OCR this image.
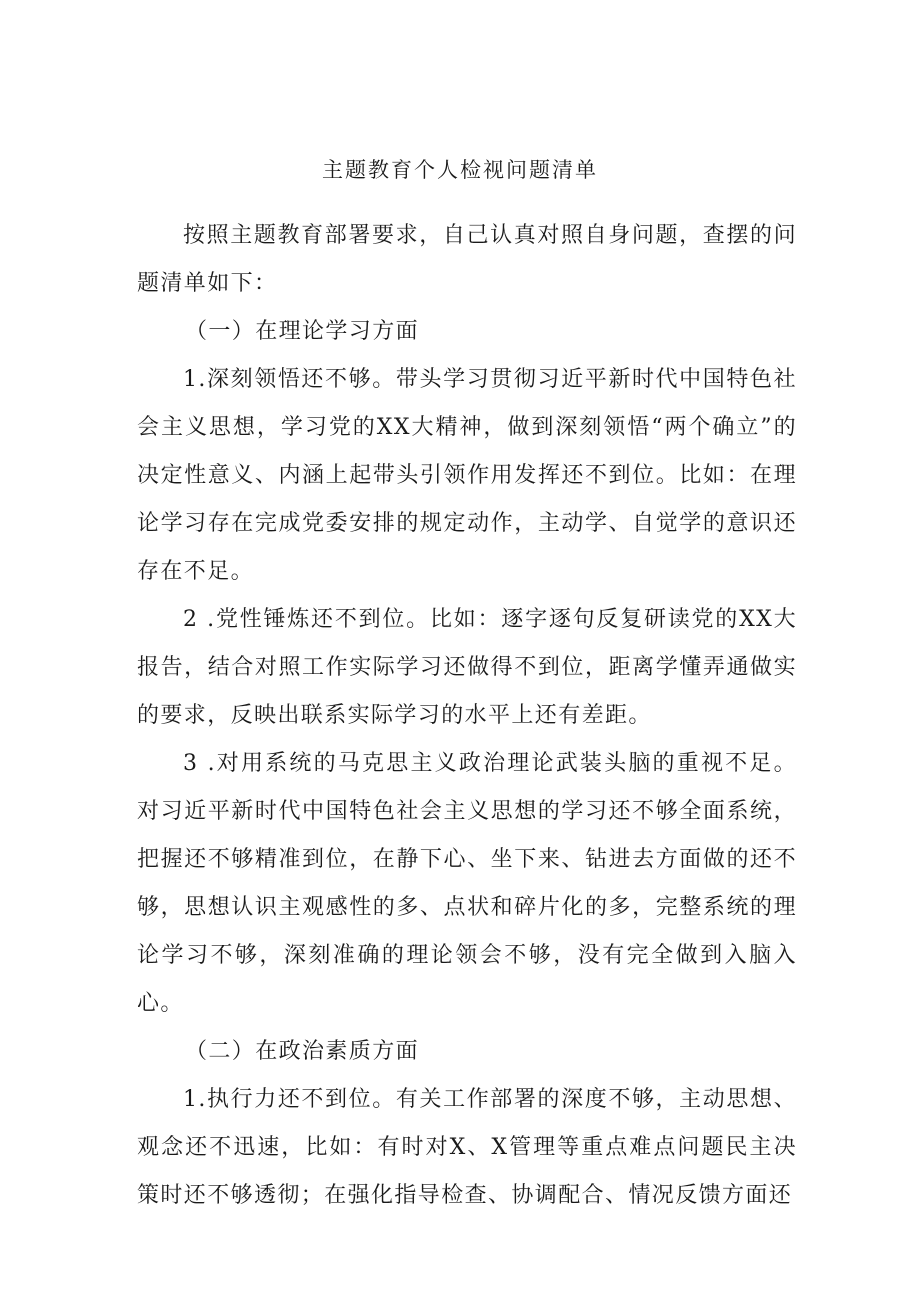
主题教育个人检视问题清单

按照主题教育部署要求，自己认真对照自身问题，查摆的问题清单如下：

（一）在理论学习方面

1.深刻领悟还不够。带头学习贯彻习近平新时代中国特色社会主义思想，学习党的XX大精神，做到深刻领悟“两个确立”的决定性意义、内涵上起带头引领作用发挥还不到位。比如：在理论学习存在完成党委安排的规定动作，主动学、自觉学的意识还存在不足。

2 .党性锤炼还不到位。比如：逐字逐句反复研读党的XX大报告，结合对照工作实际学习还做得不到位，距离学懂弄通做实的要求，反映出联系实际学习的水平上还有差距。

3 .对用系统的马克思主义政治理论武装头脑的重视不足。对习近平新时代中国特色社会主义思想的学习还不够全面系统，把握还不够精准到位，在静下心、坐下来、钻进去方面做的还不够，思想认识主观感性的多、点状和碎片化的多，完整系统的理论学习不够，深刻准确的理论领会不够，没有完全做到入脑入心。

（二）在政治素质方面

1.执行力还不到位。有关工作部署的深度不够，主动思想、观念还不迅速，比如：有时对X、X管理等重点难点问题民主决策时还不够透彻；在强化指导检查、协调配合、情况反馈方面还
